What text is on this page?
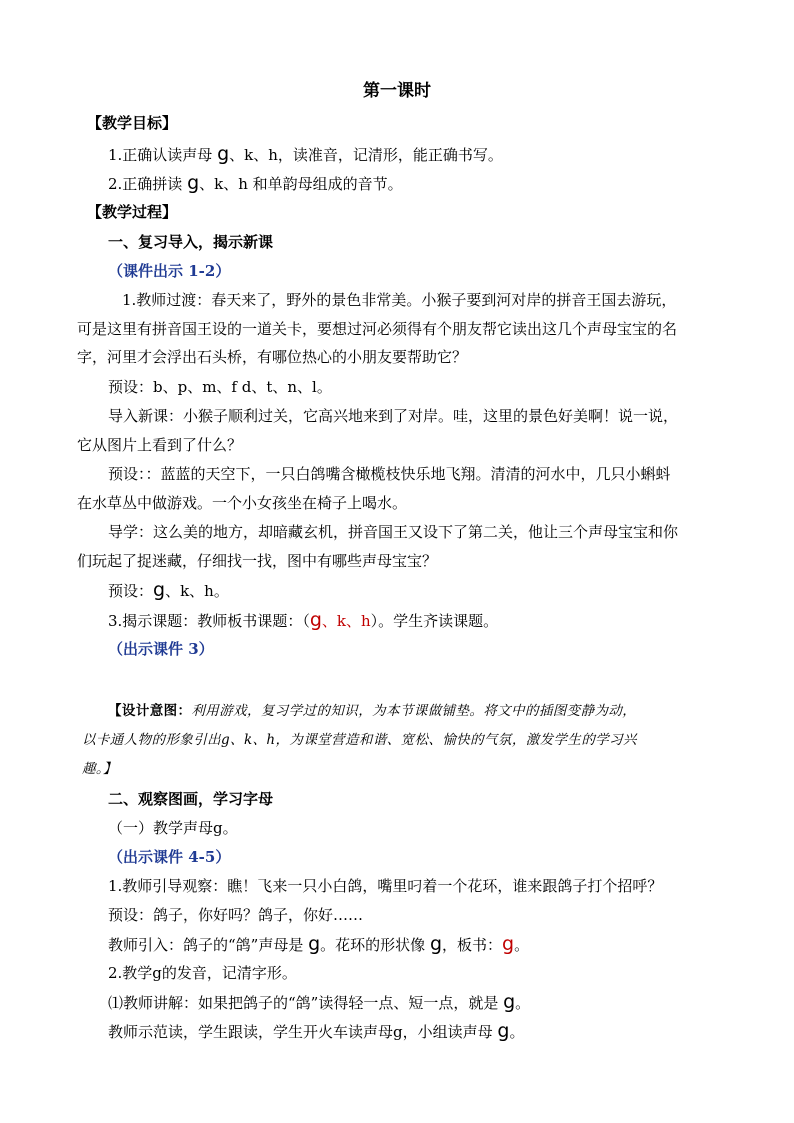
第一课时
【教学目标】
1.正确认读声母 g、k、h，读准音，记清形，能正确书写。
2.正确拼读 g、k、h 和单韵母组成的音节。
【教学过程】
一、复习导入，揭示新课
（课件出示 1-2）
1.教师过渡：春天来了，野外的景色非常美。小猴子要到河对岸的拼音王国去游玩，
可是这里有拼音国王设的一道关卡，要想过河必须得有个朋友帮它读出这几个声母宝宝的名
字，河里才会浮出石头桥，有哪位热心的小朋友要帮助它？
预设：b、p、m、f d、t、n、l。
导入新课：小猴子顺利过关，它高兴地来到了对岸。哇，这里的景色好美啊！说一说，
它从图片上看到了什么？
预设：：蓝蓝的天空下，一只白鸽嘴含橄榄枝快乐地飞翔。清清的河水中，几只小蝌蚪
在水草丛中做游戏。一个小女孩坐在椅子上喝水。
导学：这么美的地方，却暗藏玄机，拼音国王又设下了第二关，他让三个声母宝宝和你
们玩起了捉迷藏，仔细找一找，图中有哪些声母宝宝？
预设：g、k、h。
3.揭示课题：教师板书课题：（g、k、h）。学生齐读课题。
（出示课件 3）
【设计意图：利用游戏，复习学过的知识，为本节课做铺垫。将文中的插图变静为动，
以卡通人物的形象引出g、k、h，为课堂营造和谐、宽松、愉快的气氛，激发学生的学习兴
趣。】
二、观察图画，学习字母
（一）教学声母g。
（出示课件 4-5）
1.教师引导观察：瞧！飞来一只小白鸽，嘴里叼着一个花环，谁来跟鸽子打个招呼？
预设：鸽子，你好吗？鸽子，你好……
教师引入：鸽子的“鸽”声母是 g。花环的形状像 g，板书：g。
2.教学g的发音，记清字形。
⑴教师讲解：如果把鸽子的“鸽”读得轻一点、短一点，就是 g。
教师示范读，学生跟读，学生开火车读声母g，小组读声母 g。
